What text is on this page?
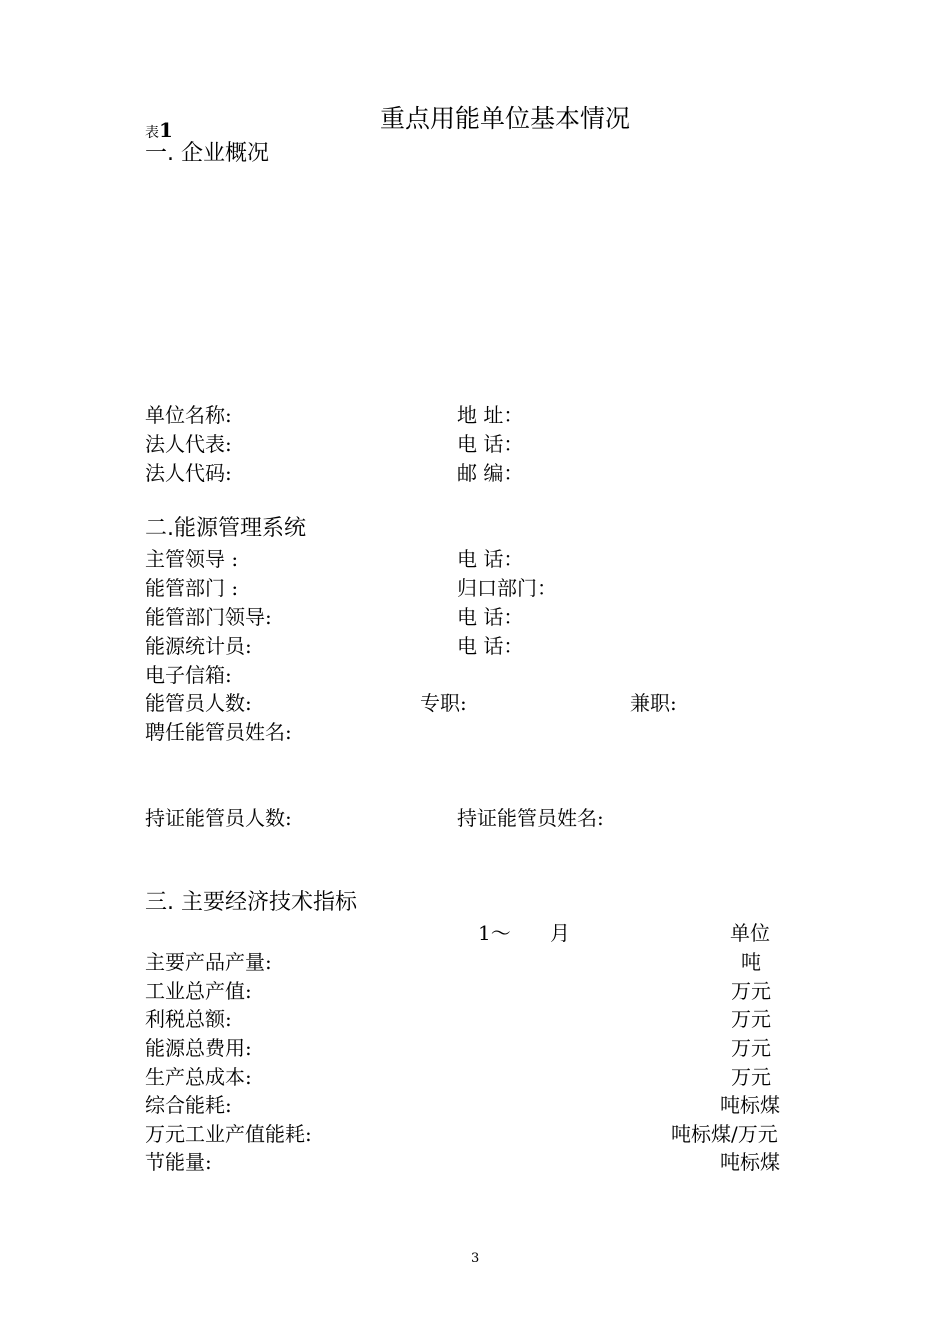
表1	重点用能单位基本情况
一. 企业概况
单位名称:	地 址：
法人代表:	电 话：
法人代码:	邮 编：
二.能源管理系统
主管领导 :	电 话：
能管部门 :	归口部门：
能管部门领导:	电 话：
能源统计员:	电 话：
电子信箱:
能管员人数:	专职:	兼职:
聘任能管员姓名:
持证能管员人数:	持证能管员姓名:
三. 主要经济技术指标
1～ 月	单位
主要产品产量:	吨
工业总产值:	万元
利税总额:	万元
能源总费用:	万元
生产总成本:	万元
综合能耗:	吨标煤
万元工业产值能耗:	吨标煤/万元
节能量:	吨标煤
3
